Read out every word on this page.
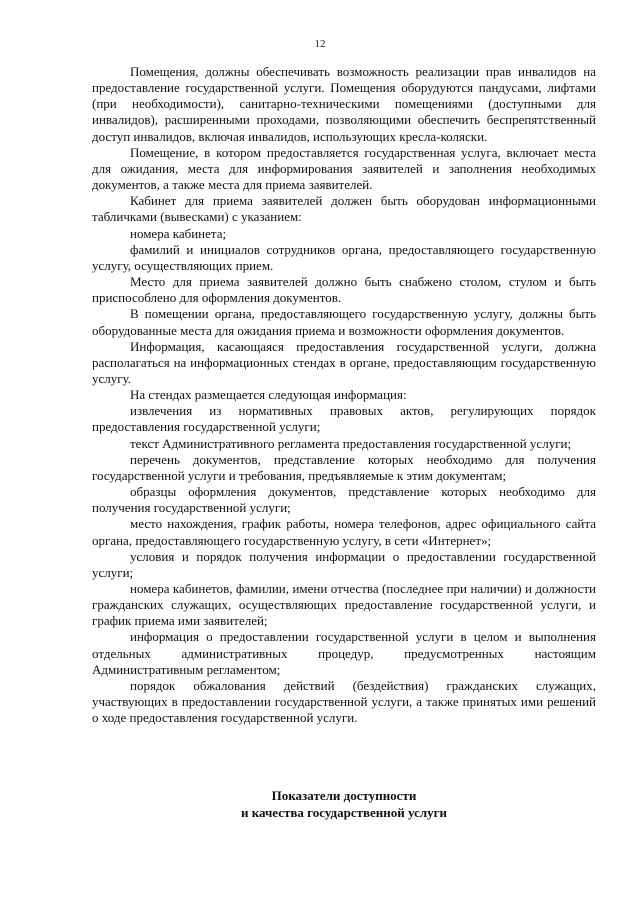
12

Помещения, должны обеспечивать возможность реализации прав инвалидов на предоставление государственной услуги. Помещения оборудуются пандусами, лифтами (при необходимости), санитарно-техническими помещениями (доступными для инвалидов), расширенными проходами, позволяющими обеспечить беспрепятственный доступ инвалидов, включая инвалидов, использующих кресла-коляски.

Помещение, в котором предоставляется государственная услуга, включает места для ожидания, места для информирования заявителей и заполнения необходимых документов, а также места для приема заявителей.

Кабинет для приема заявителей должен быть оборудован информационными табличками (вывесками) с указанием:

номера кабинета;

фамилий и инициалов сотрудников органа, предоставляющего государственную услугу, осуществляющих прием.

Место для приема заявителей должно быть снабжено столом, стулом и быть приспособлено для оформления документов.

В помещении органа, предоставляющего государственную услугу, должны быть оборудованные места для ожидания приема и возможности оформления документов.

Информация, касающаяся предоставления государственной услуги, должна располагаться на информационных стендах в органе, предоставляющим государственную услугу.

На стендах размещается следующая информация:

извлечения из нормативных правовых актов, регулирующих порядок предоставления государственной услуги;

текст Административного регламента предоставления государственной услуги;

перечень документов, представление которых необходимо для получения государственной услуги и требования, предъявляемые к этим документам;

образцы оформления документов, представление которых необходимо для получения государственной услуги;

место нахождения, график работы, номера телефонов, адрес официального сайта органа, предоставляющего государственную услугу, в сети «Интернет»;

условия и порядок получения информации о предоставлении государственной услуги;

номера кабинетов, фамилии, имени отчества (последнее при наличии) и должности гражданских служащих, осуществляющих предоставление государственной услуги, и график приема ими заявителей;

информация о предоставлении государственной услуги в целом и выполнения отдельных административных процедур, предусмотренных настоящим Административным регламентом;

порядок обжалования действий (бездействия) гражданских служащих, участвующих в предоставлении государственной услуги, а также принятых ими решений о ходе предоставления государственной услуги.

Показатели доступности
и качества государственной услуги
